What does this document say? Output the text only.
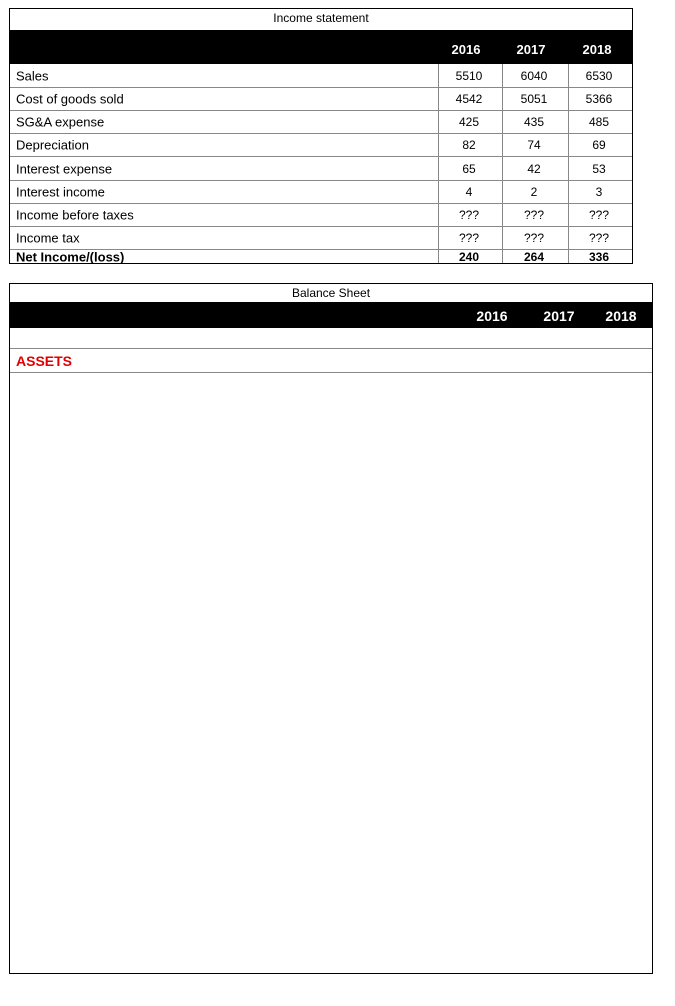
Income statement
2016	2017	2018
Sales	5510	6040	6530
Cost of goods sold	4542	5051	5366
SG&A expense	425	435	485
Depreciation	82	74	69
Interest expense	65	42	53
Interest income	4	2	3
Income before taxes	???	???	???
Income tax	???	???	???
Net Income/(loss)	240	264	336
Balance Sheet
2016	2017	2018
ASSETS
